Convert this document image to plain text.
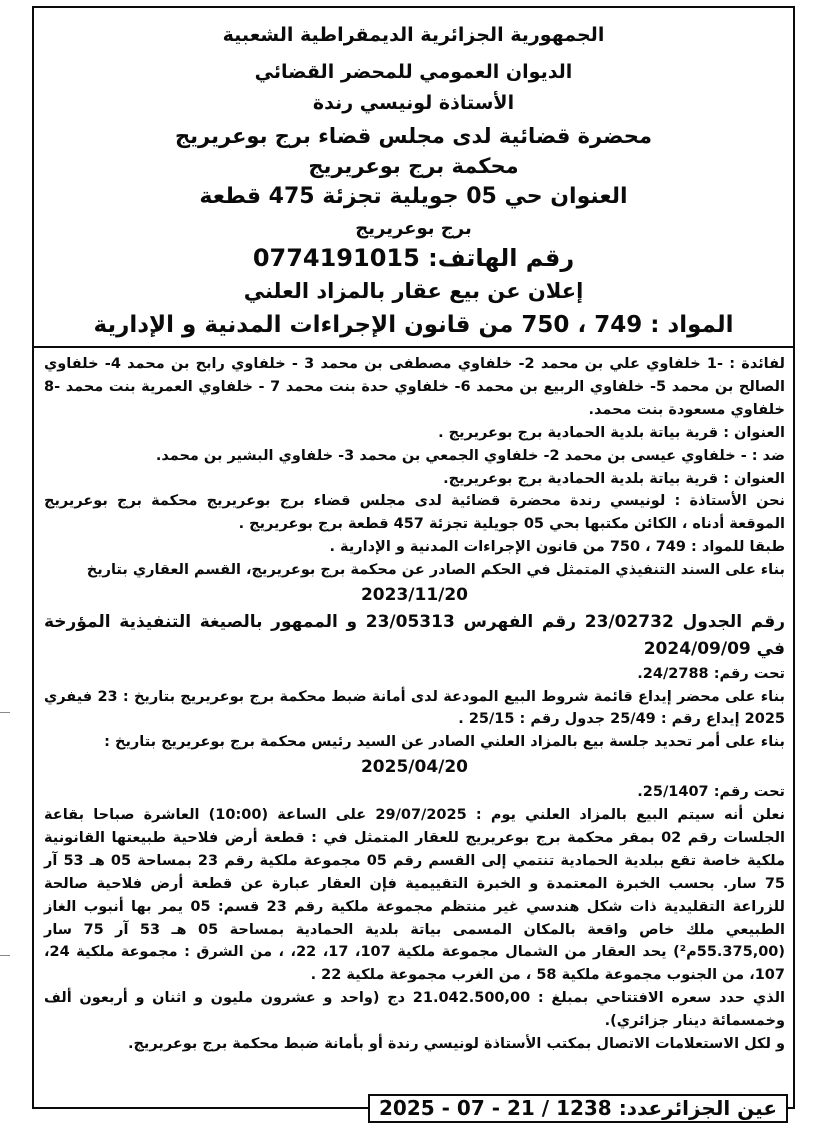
الجمهورية الجزائرية الديمقراطية الشعبية
الديوان العمومي للمحضر القضائي
الأستاذة لونيسي رندة
محضرة قضائية لدى مجلس قضاء برج بوعريريج
محكمة برج بوعريريج
العنوان حي 05 جويلية تجزئة 475 قطعة
برج بوعريريج
رقم الهاتف: 0774191015
إعلان عن بيع عقار بالمزاد العلني
المواد : 749 ، 750 من قانون الإجراءات المدنية و الإدارية

لفائدة : -1 خلفاوي علي بن محمد 2- خلفاوي مصطفى بن محمد 3 - خلفاوي رابح بن محمد 4- خلفاوي الصالح بن محمد 5- خلفاوي الربيع بن محمد 6- خلفاوي حدة بنت محمد 7 - خلفاوي العمرية بنت محمد -8 خلفاوي مسعودة بنت محمد.

العنوان : قرية بياتة بلدية الحمادية برج بوعريريج .

ضد : - خلفاوي عيسى بن محمد 2- خلفاوي الجمعي بن محمد 3- خلفاوي البشير بن محمد.

العنوان : قرية بياتة بلدية الحمادية برج بوعريريج.

نحن الأستاذة : لونيسي رندة محضرة قضائية لدى مجلس قضاء برج بوعريريج محكمة برج بوعريريج الموقعة أدناه ، الكائن مكتبها بحي 05 جويلية تجزئة 457 قطعة برج بوعريريج .

طبقا للمواد : 749 ، 750 من قانون الإجراءات المدنية و الإدارية .

بناء على السند التنفيذي المتمثل في الحكم الصادر عن محكمة برج بوعريريج، القسم العقاري بتاريخ

2023/11/20

رقم الجدول 23/02732 رقم الفهرس 23/05313 و الممهور بالصيغة التنفيذية المؤرخة في 2024/09/09

تحت رقم: 24/2788.

بناء على محضر إيداع قائمة شروط البيع المودعة لدى أمانة ضبط محكمة برج بوعريريج بتاريخ : 23 فيفري 2025 إيداع رقم : 25/49 جدول رقم : 25/15 .

بناء على أمر تحديد جلسة بيع بالمزاد العلني الصادر عن السيد رئيس محكمة برج بوعريريج بتاريخ :

2025/04/20

تحت رقم: 25/1407.

نعلن أنه سيتم البيع بالمزاد العلني يوم : 29/07/2025 على الساعة (10:00) العاشرة صباحا بقاعة الجلسات رقم 02 بمقر محكمة برج بوعريريج للعقار المتمثل في : قطعة أرض فلاحية طبيعتها القانونية ملكية خاصة تقع ببلدية الحمادية تنتمي إلى القسم رقم 05 مجموعة ملكية رقم 23 بمساحة 05 هـ 53 آر 75 سار. بحسب الخبرة المعتمدة و الخبرة التقييمية فإن العقار عبارة عن قطعة أرض فلاحية صالحة للزراعة التقليدية ذات شكل هندسي غير منتظم مجموعة ملكية رقم 23 قسم: 05 يمر بها أنبوب الغاز الطبيعي ملك خاص واقعة بالمكان المسمى بياتة بلدية الحمادية بمساحة 05 هـ 53 آر 75 سار (55.375,00م²) يحد العقار من الشمال مجموعة ملكية 107، 17، 22، ، من الشرق : مجموعة ملكية 24، 107، من الجنوب مجموعة ملكية 58 ، من الغرب مجموعة ملكية 22 .

الذي حدد سعره الافتتاحي بمبلغ : 21.042.500,00 دج (واحد و عشرون مليون و اثنان و أربعون ألف وخمسمائة دينار جزائري).

و لكل الاستعلامات الاتصال بمكتب الأستاذة لونيسي رندة أو بأمانة ضبط محكمة برج بوعريريج.

عين الجزائرعدد: 1238 / 21 - 07 - 2025
